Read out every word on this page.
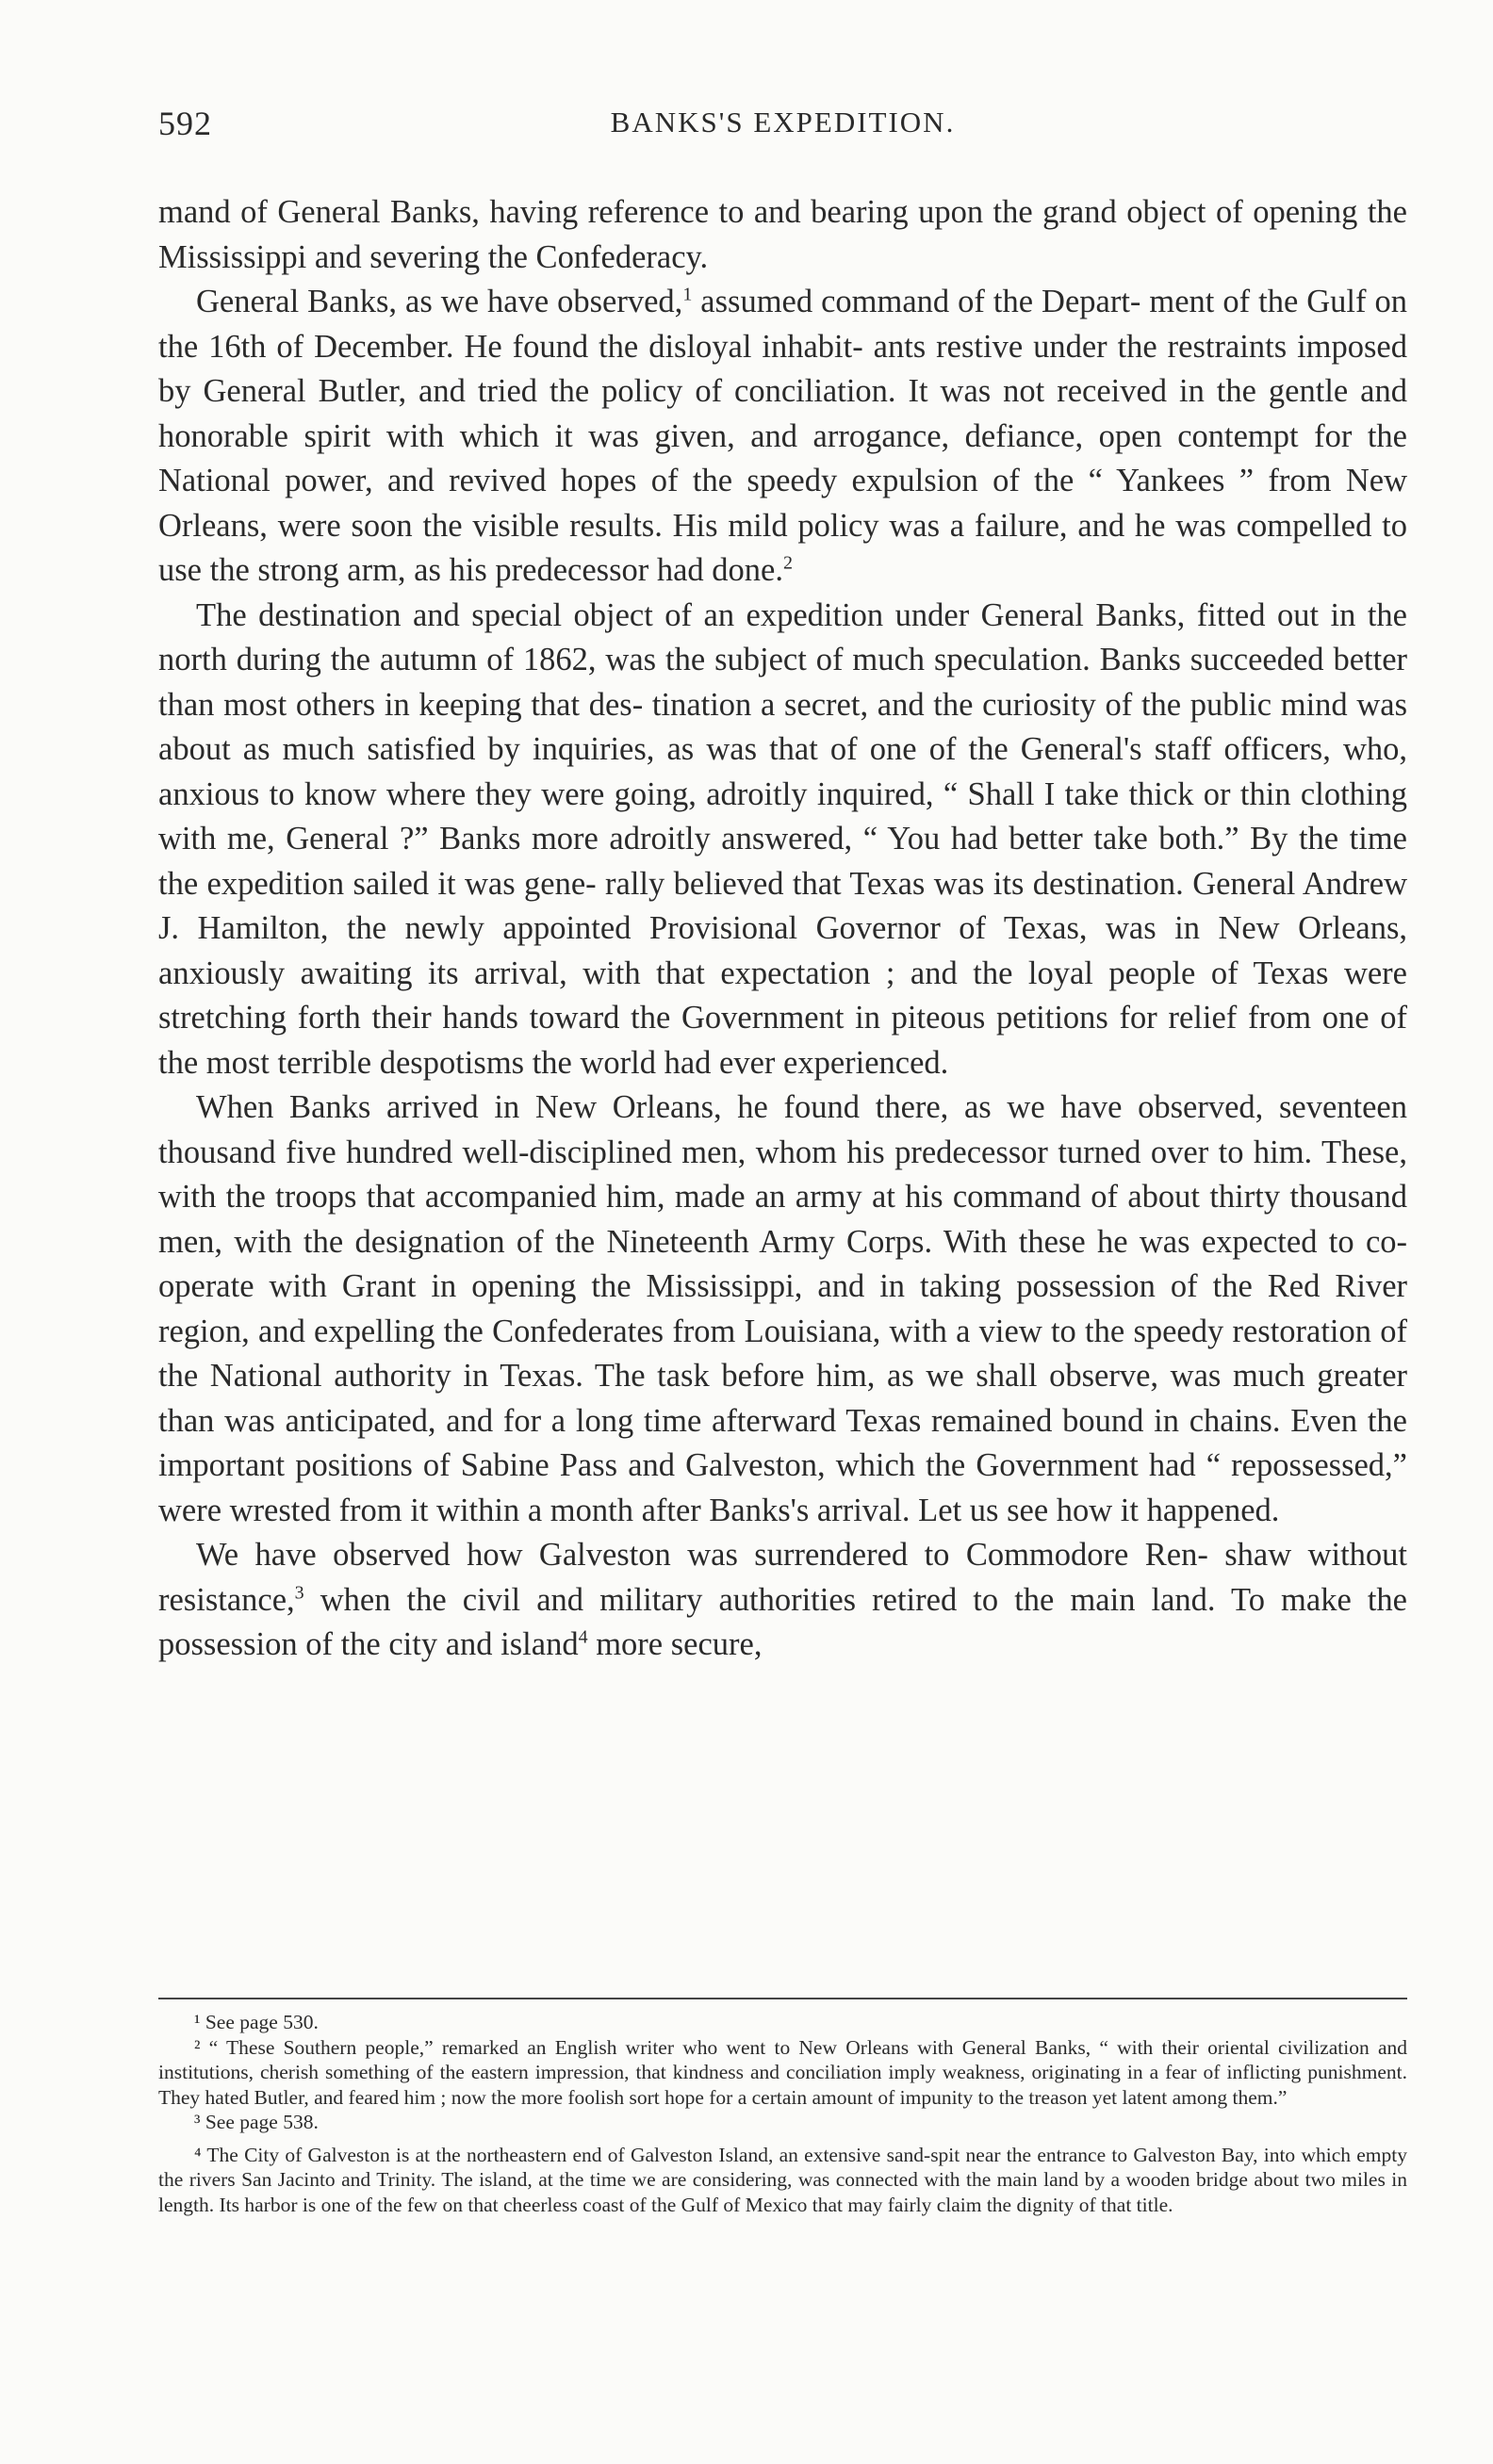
592	BANKS'S EXPEDITION.

mand of General Banks, having reference to and bearing upon the grand object of opening the Mississippi and severing the Confederacy.

General Banks, as we have observed,$^1$ assumed command of the Depart- ment of the Gulf on the 16th of December. He found the disloyal inhabit- ants restive under the restraints imposed by General Butler, and tried the policy of conciliation. It was not received in the gentle and honorable spirit with which it was given, and arrogance, defiance, open contempt for the National power, and revived hopes of the speedy expulsion of the “ Yankees ” from New Orleans, were soon the visible results. His mild policy was a failure, and he was compelled to use the strong arm, as his predecessor had done.$^2$

The destination and special object of an expedition under General Banks, fitted out in the north during the autumn of 1862, was the subject of much speculation. Banks succeeded better than most others in keeping that des- tination a secret, and the curiosity of the public mind was about as much satisfied by inquiries, as was that of one of the General's staff officers, who, anxious to know where they were going, adroitly inquired, “ Shall I take thick or thin clothing with me, General ?” Banks more adroitly answered, “ You had better take both.” By the time the expedition sailed it was gene- rally believed that Texas was its destination. General Andrew J. Hamilton, the newly appointed Provisional Governor of Texas, was in New Orleans, anxiously awaiting its arrival, with that expectation ; and the loyal people of Texas were stretching forth their hands toward the Government in piteous petitions for relief from one of the most terrible despotisms the world had ever experienced.

When Banks arrived in New Orleans, he found there, as we have observed, seventeen thousand five hundred well-disciplined men, whom his predecessor turned over to him. These, with the troops that accompanied him, made an army at his command of about thirty thousand men, with the designation of the Nineteenth Army Corps. With these he was expected to co-operate with Grant in opening the Mississippi, and in taking possession of the Red River region, and expelling the Confederates from Louisiana, with a view to the speedy restoration of the National authority in Texas. The task before him, as we shall observe, was much greater than was anticipated, and for a long time afterward Texas remained bound in chains. Even the important positions of Sabine Pass and Galveston, which the Government had “ repossessed,” were wrested from it within a month after Banks's arrival. Let us see how it happened.

We have observed how Galveston was surrendered to Commodore Ren- shaw without resistance,$^3$ when the civil and military authorities retired to the main land. To make the possession of the city and island$^4$ more secure,

¹ See page 530.

² “ These Southern people,” remarked an English writer who went to New Orleans with General Banks, “ with their oriental civilization and institutions, cherish something of the eastern impression, that kindness and conciliation imply weakness, originating in a fear of inflicting punishment. They hated Butler, and feared him ; now the more foolish sort hope for a certain amount of impunity to the treason yet latent among them.”

³ See page 538.

⁴ The City of Galveston is at the northeastern end of Galveston Island, an extensive sand-spit near the entrance to Galveston Bay, into which empty the rivers San Jacinto and Trinity. The island, at the time we are considering, was connected with the main land by a wooden bridge about two miles in length. Its harbor is one of the few on that cheerless coast of the Gulf of Mexico that may fairly claim the dignity of that title.
